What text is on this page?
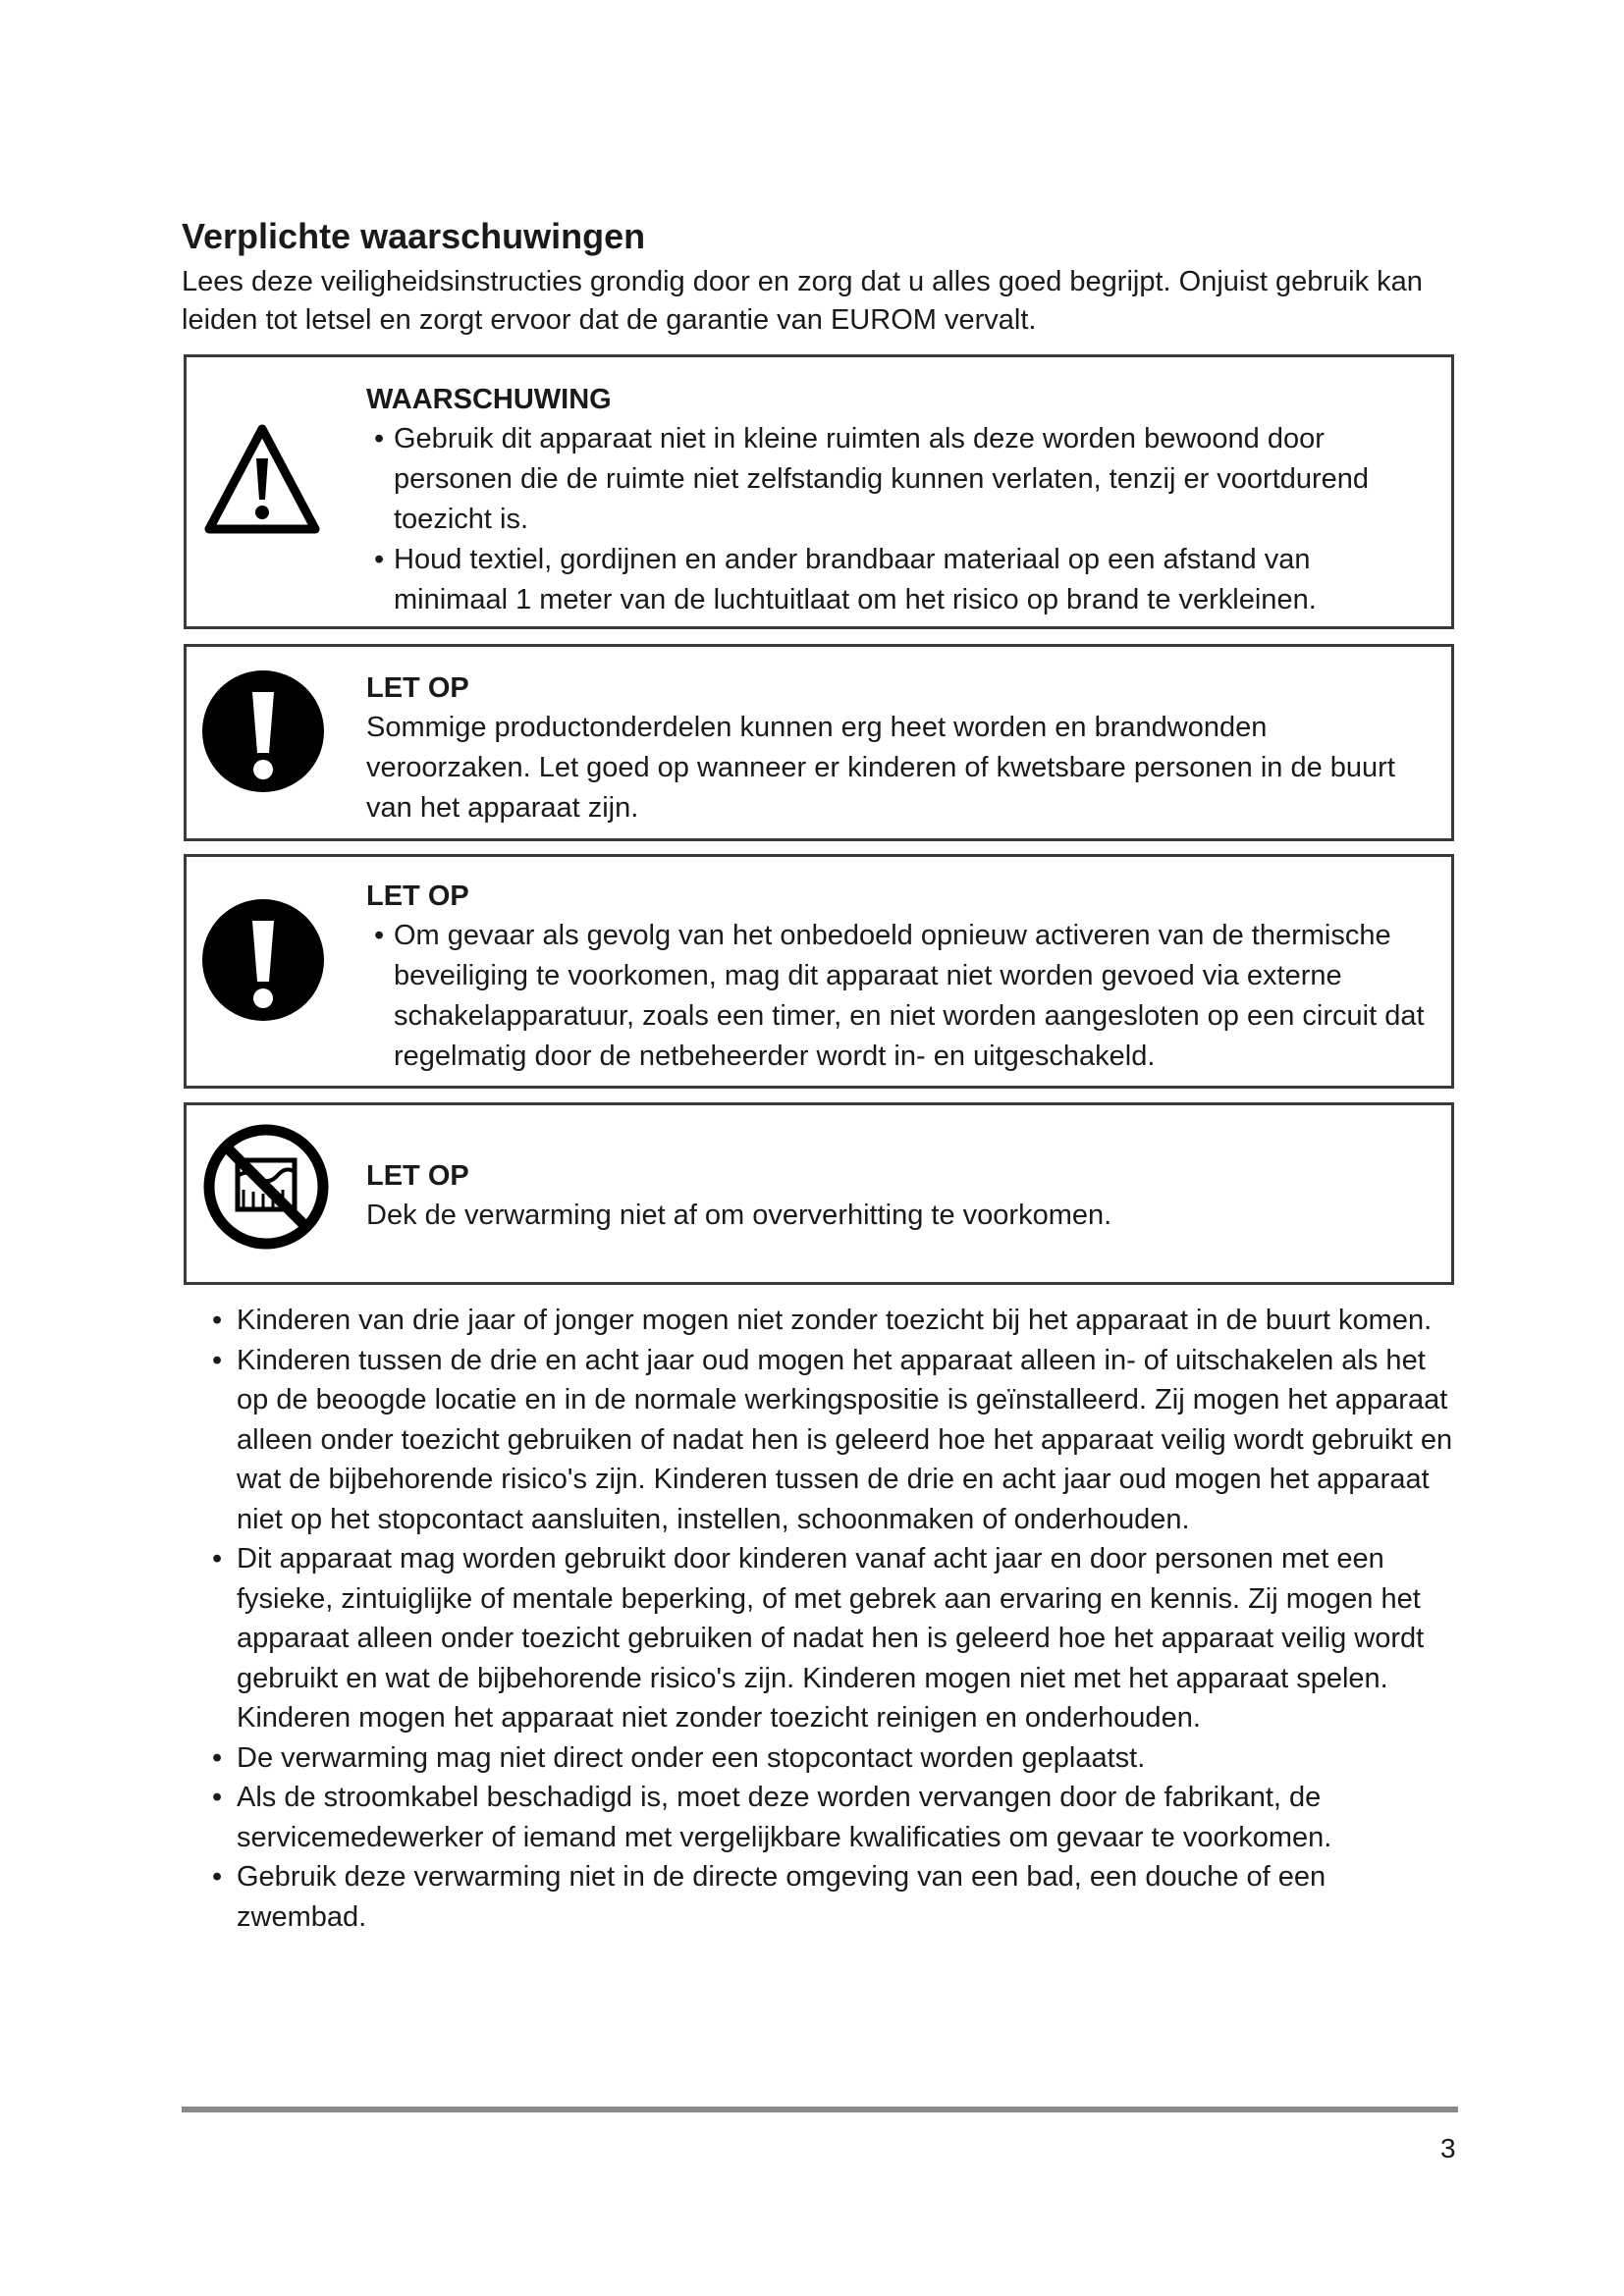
Verplichte waarschuwingen

Lees deze veiligheidsinstructies grondig door en zorg dat u alles goed begrijpt. Onjuist gebruik kan leiden tot letsel en zorgt ervoor dat de garantie van EUROM vervalt.

WAARSCHUWING
• Gebruik dit apparaat niet in kleine ruimten als deze worden bewoond door personen die de ruimte niet zelfstandig kunnen verlaten, tenzij er voortdurend toezicht is.
• Houd textiel, gordijnen en ander brandbaar materiaal op een afstand van minimaal 1 meter van de luchtuitlaat om het risico op brand te verkleinen.
LET OP
Sommige productonderdelen kunnen erg heet worden en brandwonden veroorzaken. Let goed op wanneer er kinderen of kwetsbare personen in de buurt van het apparaat zijn.
LET OP
• Om gevaar als gevolg van het onbedoeld opnieuw activeren van de thermische beveiliging te voorkomen, mag dit apparaat niet worden gevoed via externe schakelapparatuur, zoals een timer, en niet worden aangesloten op een circuit dat regelmatig door de netbeheerder wordt in- en uitgeschakeld.
LET OP
Dek de verwarming niet af om oververhitting te voorkomen.
• Kinderen van drie jaar of jonger mogen niet zonder toezicht bij het apparaat in de buurt komen.
• Kinderen tussen de drie en acht jaar oud mogen het apparaat alleen in- of uitschakelen als het op de beoogde locatie en in de normale werkingspositie is geïnstalleerd. Zij mogen het apparaat alleen onder toezicht gebruiken of nadat hen is geleerd hoe het apparaat veilig wordt gebruikt en wat de bijbehorende risico's zijn. Kinderen tussen de drie en acht jaar oud mogen het apparaat niet op het stopcontact aansluiten, instellen, schoonmaken of onderhouden.
• Dit apparaat mag worden gebruikt door kinderen vanaf acht jaar en door personen met een fysieke, zintuiglijke of mentale beperking, of met gebrek aan ervaring en kennis. Zij mogen het apparaat alleen onder toezicht gebruiken of nadat hen is geleerd hoe het apparaat veilig wordt gebruikt en wat de bijbehorende risico's zijn. Kinderen mogen niet met het apparaat spelen. Kinderen mogen het apparaat niet zonder toezicht reinigen en onderhouden.
• De verwarming mag niet direct onder een stopcontact worden geplaatst.
• Als de stroomkabel beschadigd is, moet deze worden vervangen door de fabrikant, de servicemedewerker of iemand met vergelijkbare kwalificaties om gevaar te voorkomen.
• Gebruik deze verwarming niet in de directe omgeving van een bad, een douche of een zwembad.
3
